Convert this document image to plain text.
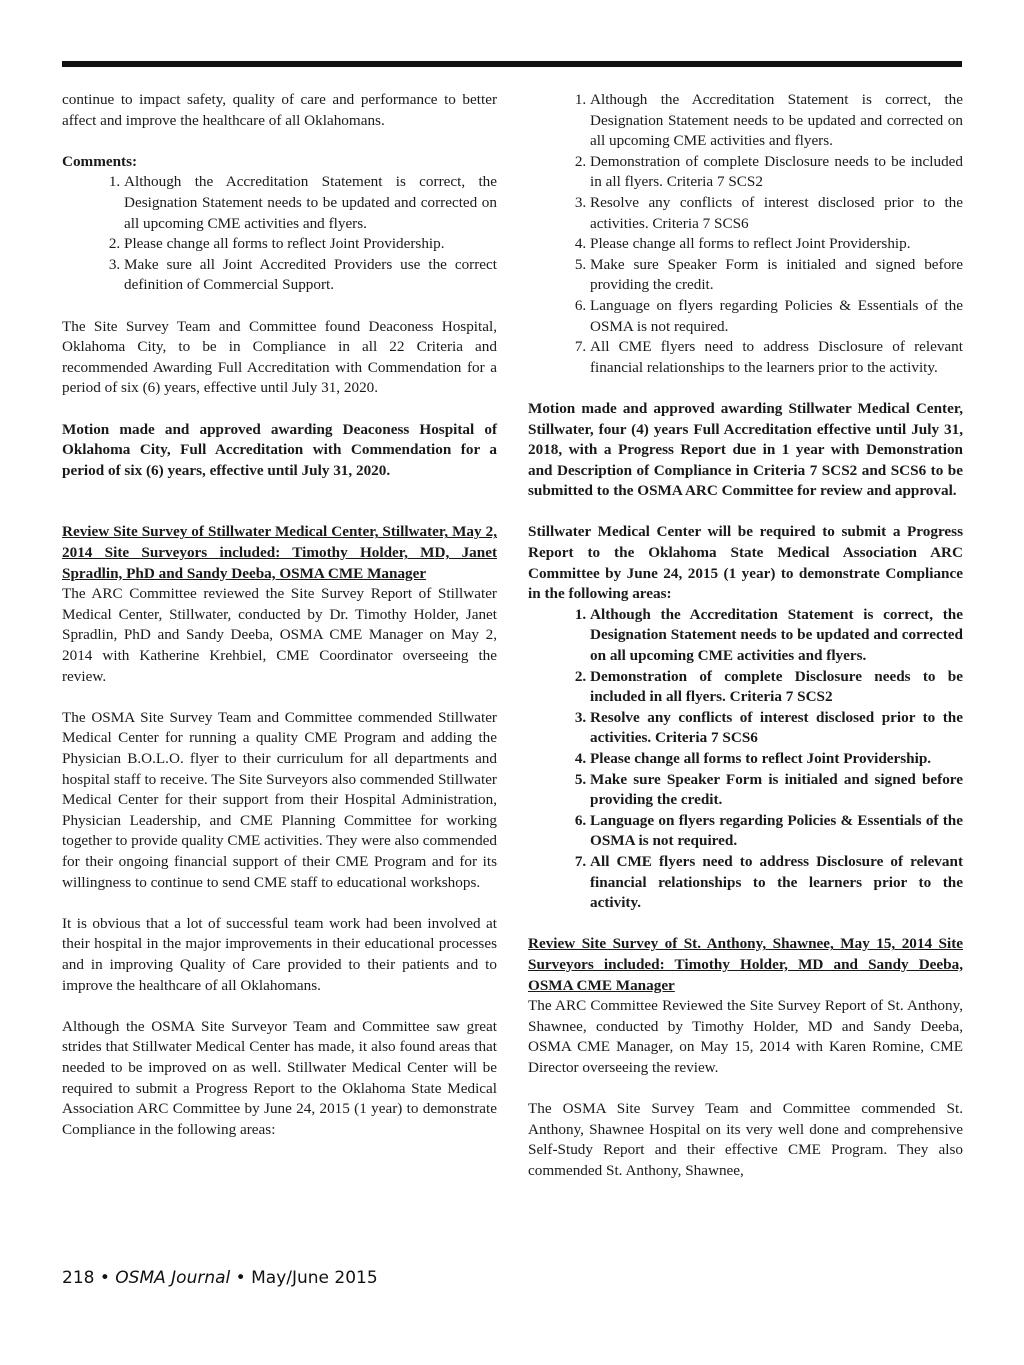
continue to impact safety, quality of care and performance to better affect and improve the healthcare of all Oklahomans.

Comments:
1. Although the Accreditation Statement is correct, the Designation Statement needs to be updated and corrected on all upcoming CME activities and flyers.
2. Please change all forms to reflect Joint Providership.
3. Make sure all Joint Accredited Providers use the correct definition of Commercial Support.

The Site Survey Team and Committee found Deaconess Hospital, Oklahoma City, to be in Compliance in all 22 Criteria and recommended Awarding Full Accreditation with Commendation for a period of six (6) years, effective until July 31, 2020.

Motion made and approved awarding Deaconess Hospital of Oklahoma City, Full Accreditation with Commendation for a period of six (6) years, effective until July 31, 2020.

Review Site Survey of Stillwater Medical Center, Stillwater, May 2, 2014 Site Surveyors included: Timothy Holder, MD, Janet Spradlin, PhD and Sandy Deeba, OSMA CME Manager

The ARC Committee reviewed the Site Survey Report of Stillwater Medical Center, Stillwater, conducted by Dr. Timothy Holder, Janet Spradlin, PhD and Sandy Deeba, OSMA CME Manager on May 2, 2014 with Katherine Krehbiel, CME Coordinator overseeing the review.

The OSMA Site Survey Team and Committee commended Stillwater Medical Center for running a quality CME Program and adding the Physician B.O.L.O. flyer to their curriculum for all departments and hospital staff to receive. The Site Surveyors also commended Stillwater Medical Center for their support from their Hospital Administration, Physician Leadership, and CME Planning Committee for working together to provide quality CME activities. They were also commended for their ongoing financial support of their CME Program and for its willingness to continue to send CME staff to educational workshops.

It is obvious that a lot of successful team work had been involved at their hospital in the major improvements in their educational processes and in improving Quality of Care provided to their patients and to improve the healthcare of all Oklahomans.

Although the OSMA Site Surveyor Team and Committee saw great strides that Stillwater Medical Center has made, it also found areas that needed to be improved on as well. Stillwater Medical Center will be required to submit a Progress Report to the Oklahoma State Medical Association ARC Committee by June 24, 2015 (1 year) to demonstrate Compliance in the following areas:

1. Although the Accreditation Statement is correct, the Designation Statement needs to be updated and corrected on all upcoming CME activities and flyers.
2. Demonstration of complete Disclosure needs to be included in all flyers. Criteria 7 SCS2
3. Resolve any conflicts of interest disclosed prior to the activities. Criteria 7 SCS6
4. Please change all forms to reflect Joint Providership.
5. Make sure Speaker Form is initialed and signed before providing the credit.
6. Language on flyers regarding Policies & Essentials of the OSMA is not required.
7. All CME flyers need to address Disclosure of relevant financial relationships to the learners prior to the activity.

Motion made and approved awarding Stillwater Medical Center, Stillwater, four (4) years Full Accreditation effective until July 31, 2018, with a Progress Report due in 1 year with Demonstration and Description of Compliance in Criteria 7 SCS2 and SCS6 to be submitted to the OSMA ARC Committee for review and approval.

Stillwater Medical Center will be required to submit a Progress Report to the Oklahoma State Medical Association ARC Committee by June 24, 2015 (1 year) to demonstrate Compliance in the following areas:

1. Although the Accreditation Statement is correct, the Designation Statement needs to be updated and corrected on all upcoming CME activities and flyers.
2. Demonstration of complete Disclosure needs to be included in all flyers. Criteria 7 SCS2
3. Resolve any conflicts of interest disclosed prior to the activities. Criteria 7 SCS6
4. Please change all forms to reflect Joint Providership.
5. Make sure Speaker Form is initialed and signed before providing the credit.
6. Language on flyers regarding Policies & Essentials of the OSMA is not required.
7. All CME flyers need to address Disclosure of relevant financial relationships to the learners prior to the activity.
Review Site Survey of St. Anthony, Shawnee, May 15, 2014 Site Surveyors included: Timothy Holder, MD and Sandy Deeba, OSMA CME Manager

The ARC Committee Reviewed the Site Survey Report of St. Anthony, Shawnee, conducted by Timothy Holder, MD and Sandy Deeba, OSMA CME Manager, on May 15, 2014 with Karen Romine, CME Director overseeing the review.

The OSMA Site Survey Team and Committee commended St. Anthony, Shawnee Hospital on its very well done and comprehensive Self-Study Report and their effective CME Program. They also commended St. Anthony, Shawnee,

218 • OSMA Journal • May/June 2015
